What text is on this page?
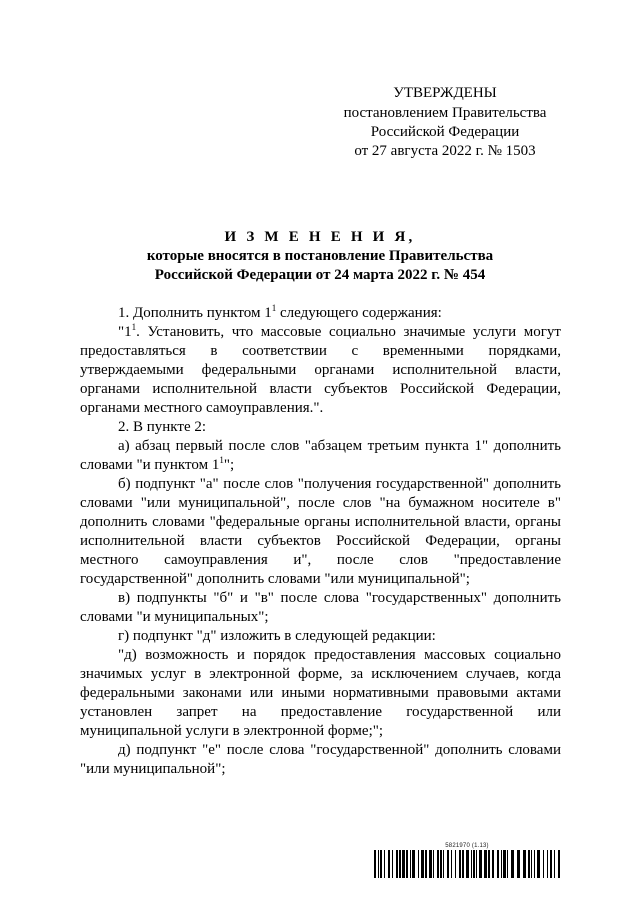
УТВЕРЖДЕНЫ
постановлением Правительства
Российской Федерации
от 27 августа 2022 г. № 1503
И З М Е Н Е Н И Я,
которые вносятся в постановление Правительства
Российской Федерации от 24 марта 2022 г. № 454

1. Дополнить пунктом $1^1$ следующего содержания:

"$1^1$. Установить, что массовые социально значимые услуги могут предоставляться в соответствии с временными порядками, утверждаемыми федеральными органами исполнительной власти, органами исполнительной власти субъектов Российской Федерации, органами местного самоуправления.".

2. В пункте 2:

а) абзац первый после слов "абзацем третьим пункта 1" дополнить словами "и пунктом $1^1$";

б) подпункт "а" после слов "получения государственной" дополнить словами "или муниципальной", после слов "на бумажном носителе в" дополнить словами "федеральные органы исполнительной власти, органы исполнительной власти субъектов Российской Федерации, органы местного самоуправления и", после слов "предоставление государственной" дополнить словами "или муниципальной";

в) подпункты "б" и "в" после слова "государственных" дополнить словами "и муниципальных";

г) подпункт "д" изложить в следующей редакции:

"д) возможность и порядок предоставления массовых социально значимых услуг в электронной форме, за исключением случаев, когда федеральными законами или иными нормативными правовыми актами установлен запрет на предоставление государственной или муниципальной услуги в электронной форме;";

д) подпункт "е" после слова "государственной" дополнить словами "или муниципальной";

5821970 (1.13)
